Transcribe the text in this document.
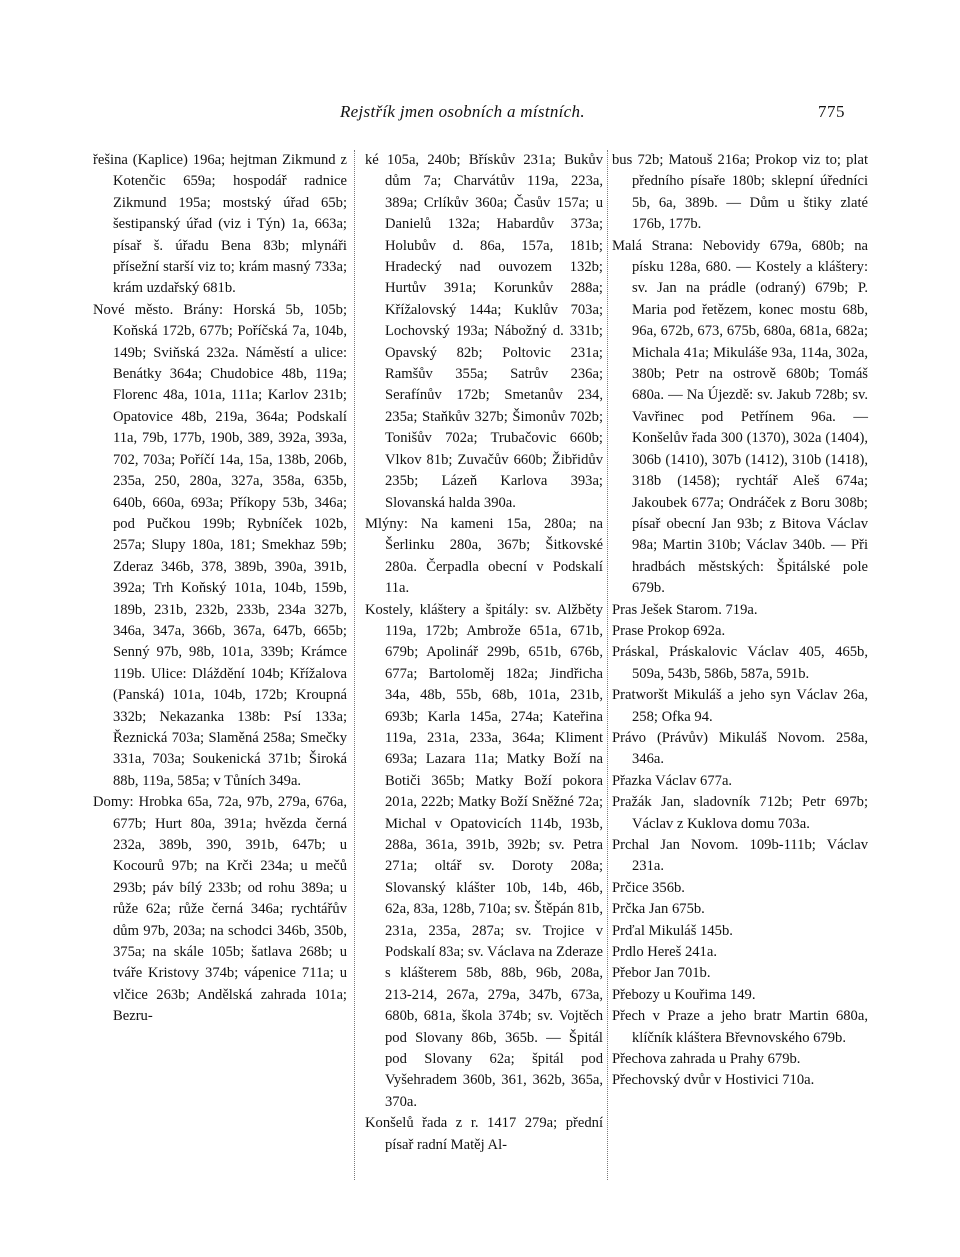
Rejstřík jmen osobních a místních.	775

řešina (Kaplice) 196a; hejtman Zikmund z Kotenčic 659a; hospodář radnice Zikmund 195a; mostský úřad 65b; šestipanský úřad (viz i Týn) 1a, 663a; písař š. úřadu Bena 83b; mlynáři přísežní starší viz to; krám masný 733a; krám uzdařský 681b.

Nové město. Brány: Horská 5b, 105b; Koňská 172b, 677b; Poříčská 7a, 104b, 149b; Sviňská 232a. Náměstí a ulice: Benátky 364a; Chudobice 48b, 119a; Florenc 48a, 101a, 111a; Karlov 231b; Opatovice 48b, 219a, 364a; Podskalí 11a, 79b, 177b, 190b, 389, 392a, 393a, 702, 703a; Poříčí 14a, 15a, 138b, 206b, 235a, 250, 280a, 327a, 358a, 635b, 640b, 660a, 693a; Příkopy 53b, 346a; pod Pučkou 199b; Rybníček 102b, 257a; Slupy 180a, 181; Smekhaz 59b; Zderaz 346b, 378, 389b, 390a, 391b, 392a; Trh Koňský 101a, 104b, 159b, 189b, 231b, 232b, 233b, 234a 327b, 346a, 347a, 366b, 367a, 647b, 665b; Senný 97b, 98b, 101a, 339b; Krámce 119b. Ulice: Dláždění 104b; Křížalova (Panská) 101a, 104b, 172b; Kroupná 332b; Nekazanka 138b: Psí 133a; Řeznická 703a; Slaměná 258a; Smečky 331a, 703a; Soukenická 371b; Široká 88b, 119a, 585a; v Tůních 349a.

Domy: Hrobka 65a, 72a, 97b, 279a, 676a, 677b; Hurt 80a, 391a; hvězda černá 232a, 389b, 390, 391b, 647b; u Kocourů 97b; na Krči 234a; u mečů 293b; páv bílý 233b; od rohu 389a; u růže 62a; růže černá 346a; rychtářův dům 97b, 203a; na schodci 346b, 350b, 375a; na skále 105b; šatlava 268b; u tváře Kristovy 374b; vápenice 711a; u vlčice 263b; Andělská zahrada 101a; Bezru-

ké 105a, 240b; Břískův 231a; Bukův dům 7a; Charvátův 119a, 223a, 389a; Crlíkův 360a; Časův 157a; u Danielů 132a; Habardův 373a; Holubův d. 86a, 157a, 181b; Hradecký nad ouvozem 132b; Hurtův 391a; Korunkův 288a; Křížalovský 144a; Kuklův 703a; Lochovský 193a; Nábožný d. 331b; Opavský 82b; Poltovic 231a; Ramšův 355a; Satrův 236a; Serafínův 172b; Smetanův 234, 235a; Staňkův 327b; Šimonův 702b; Tonišův 702a; Trubačovic 660b; Vlkov 81b; Zuvačův 660b; Žibřidův 235b; Lázeň Karlova 393a; Slovanská halda 390a.

Mlýny: Na kameni 15a, 280a; na Šerlinku 280a, 367b; Šitkovské 280a. Čerpadla obecní v Podskalí 11a.

Kostely, kláštery a špitály: sv. Alžběty 119a, 172b; Ambrože 651a, 671b, 679b; Apolinář 299b, 651b, 676b, 677a; Bartoloměj 182a; Jindřicha 34a, 48b, 55b, 68b, 101a, 231b, 693b; Karla 145a, 274a; Kateřina 119a, 231a, 233a, 364a; Kliment 693a; Lazara 11a; Matky Boží na Botiči 365b; Matky Boží pokora 201a, 222b; Matky Boží Sněžné 72a; Michal v Opatovicích 114b, 193b, 288a, 361a, 391b, 392b; sv. Petra 271a; oltář sv. Doroty 208a; Slovanský klášter 10b, 14b, 46b, 62a, 83a, 128b, 710a; sv. Štěpán 81b, 231a, 235a, 287a; sv. Trojice v Podskalí 83a; sv. Václava na Zderaze s klášterem 58b, 88b, 96b, 208a, 213-214, 267a, 279a, 347b, 673a, 680b, 681a, škola 374b; sv. Vojtěch pod Slovany 86b, 365b. — Špitál pod Slovany 62a; špitál pod Vyšehradem 360b, 361, 362b, 365a, 370a.

Konšelů řada z r. 1417 279a; přední písař radní Matěj Al-

bus 72b; Matouš 216a; Prokop viz to; plat předního písaře 180b; sklepní úředníci 5b, 6a, 389b. — Dům u štiky zlaté 176b, 177b.

Malá Strana: Nebovidy 679a, 680b; na písku 128a, 680. — Kostely a kláštery: sv. Jan na prádle (odraný) 679b; P. Maria pod řetězem, konec mostu 68b, 96a, 672b, 673, 675b, 680a, 681a, 682a; Michala 41a; Mikuláše 93a, 114a, 302a, 380b; Petr na ostrově 680b; Tomáš 680a. — Na Újezdě: sv. Jakub 728b; sv. Vavřinec pod Petřínem 96a. — Konšelův řada 300 (1370), 302a (1404), 306b (1410), 307b (1412), 310b (1418), 318b (1458); rychtář Aleš 674a; Jakoubek 677a; Ondráček z Boru 308b; písař obecní Jan 93b; z Bitova Václav 98a; Martin 310b; Václav 340b. — Při hradbách městských: Špitálské pole 679b.

Pras Ješek Starom. 719a.

Prase Prokop 692a.

Práskal, Práskalovic Václav 405, 465b, 509a, 543b, 586b, 587a, 591b.

Pratworšt Mikuláš a jeho syn Václav 26a, 258; Ofka 94.

Právo (Právův) Mikuláš Novom. 258a, 346a.

Přazka Václav 677a.

Pražák Jan, sladovník 712b; Petr 697b; Václav z Kuklova domu 703a.

Prchal Jan Novom. 109b-111b; Václav 231a.

Prčice 356b.

Prčka Jan 675b.

Prďal Mikuláš 145b.

Prdlo Hereš 241a.

Přebor Jan 701b.

Přebozy u Kouřima 149.

Přech v Praze a jeho bratr Martin 680a, klíčník kláštera Břevnovského 679b.

Přechova zahrada u Prahy 679b.

Přechovský dvůr v Hostivici 710a.
